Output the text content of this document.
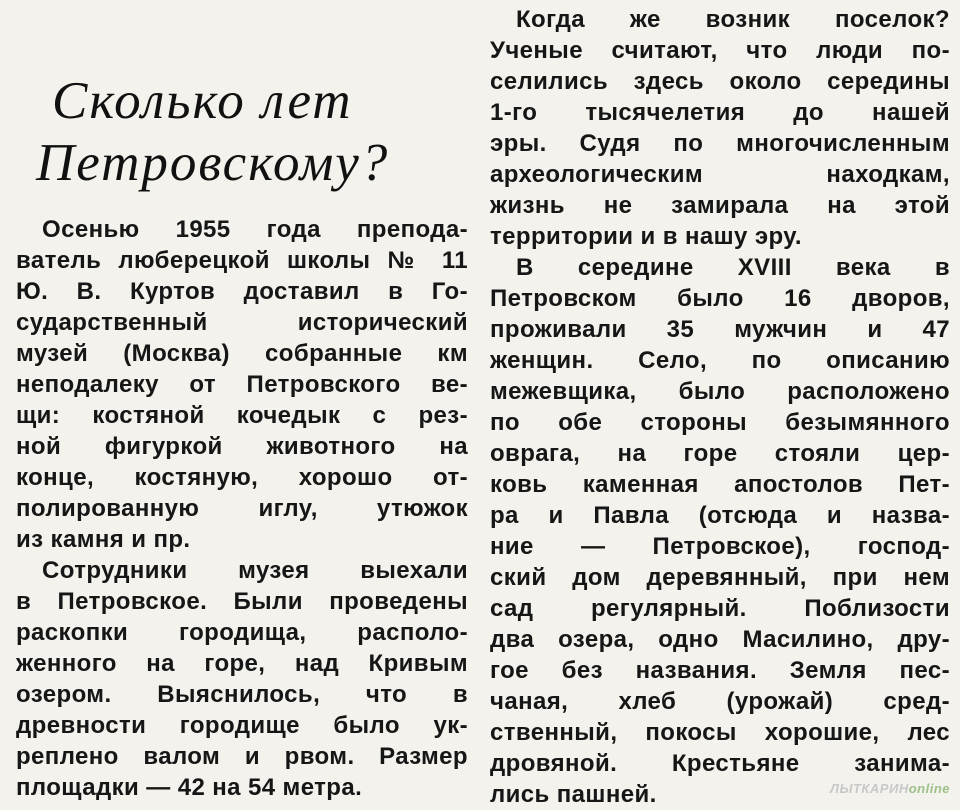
Сколько лет
Петровскому?
Осенью 1955 года препода-
ватель люберецкой школы № 11
Ю. В. Куртов доставил в Го-
сударственный исторический
музей (Москва) собранные км
неподалеку от Петровского ве-
щи: костяной кочедык с рез-
ной фигуркой животного на
конце, костяную, хорошо от-
полированную иглу, утюжок
из камня и пр.
Сотрудники музея выехали
в Петровское. Были проведены
раскопки городища, располо-
женного на горе, над Кривым
озером. Выяснилось, что в
древности городище было ук-
реплено валом и рвом. Размер
площадки — 42 на 54 метра.
Когда же возник поселок?
Ученые считают, что люди по-
селились здесь около середины
1-го тысячелетия до нашей
эры. Судя по многочисленным
археологическим находкам,
жизнь не замирала на этой
территории и в нашу эру.
В середине XVIII века в
Петровском было 16 дворов,
проживали 35 мужчин и 47
женщин. Село, по описанию
межевщика, было расположено
по обе стороны безымянного
оврага, на горе стояли цер-
ковь каменная апостолов Пет-
ра и Павла (отсюда и назва-
ние — Петровское), господ-
ский дом деревянный, при нем
сад регулярный. Поблизости
два озера, одно Масилино, дру-
гое без названия. Земля пес-
чаная, хлеб (урожай) сред-
ственный, покосы хорошие, лес
дровяной. Крестьяне занима-
лись пашней.	ЛЫТКАРИНonline
